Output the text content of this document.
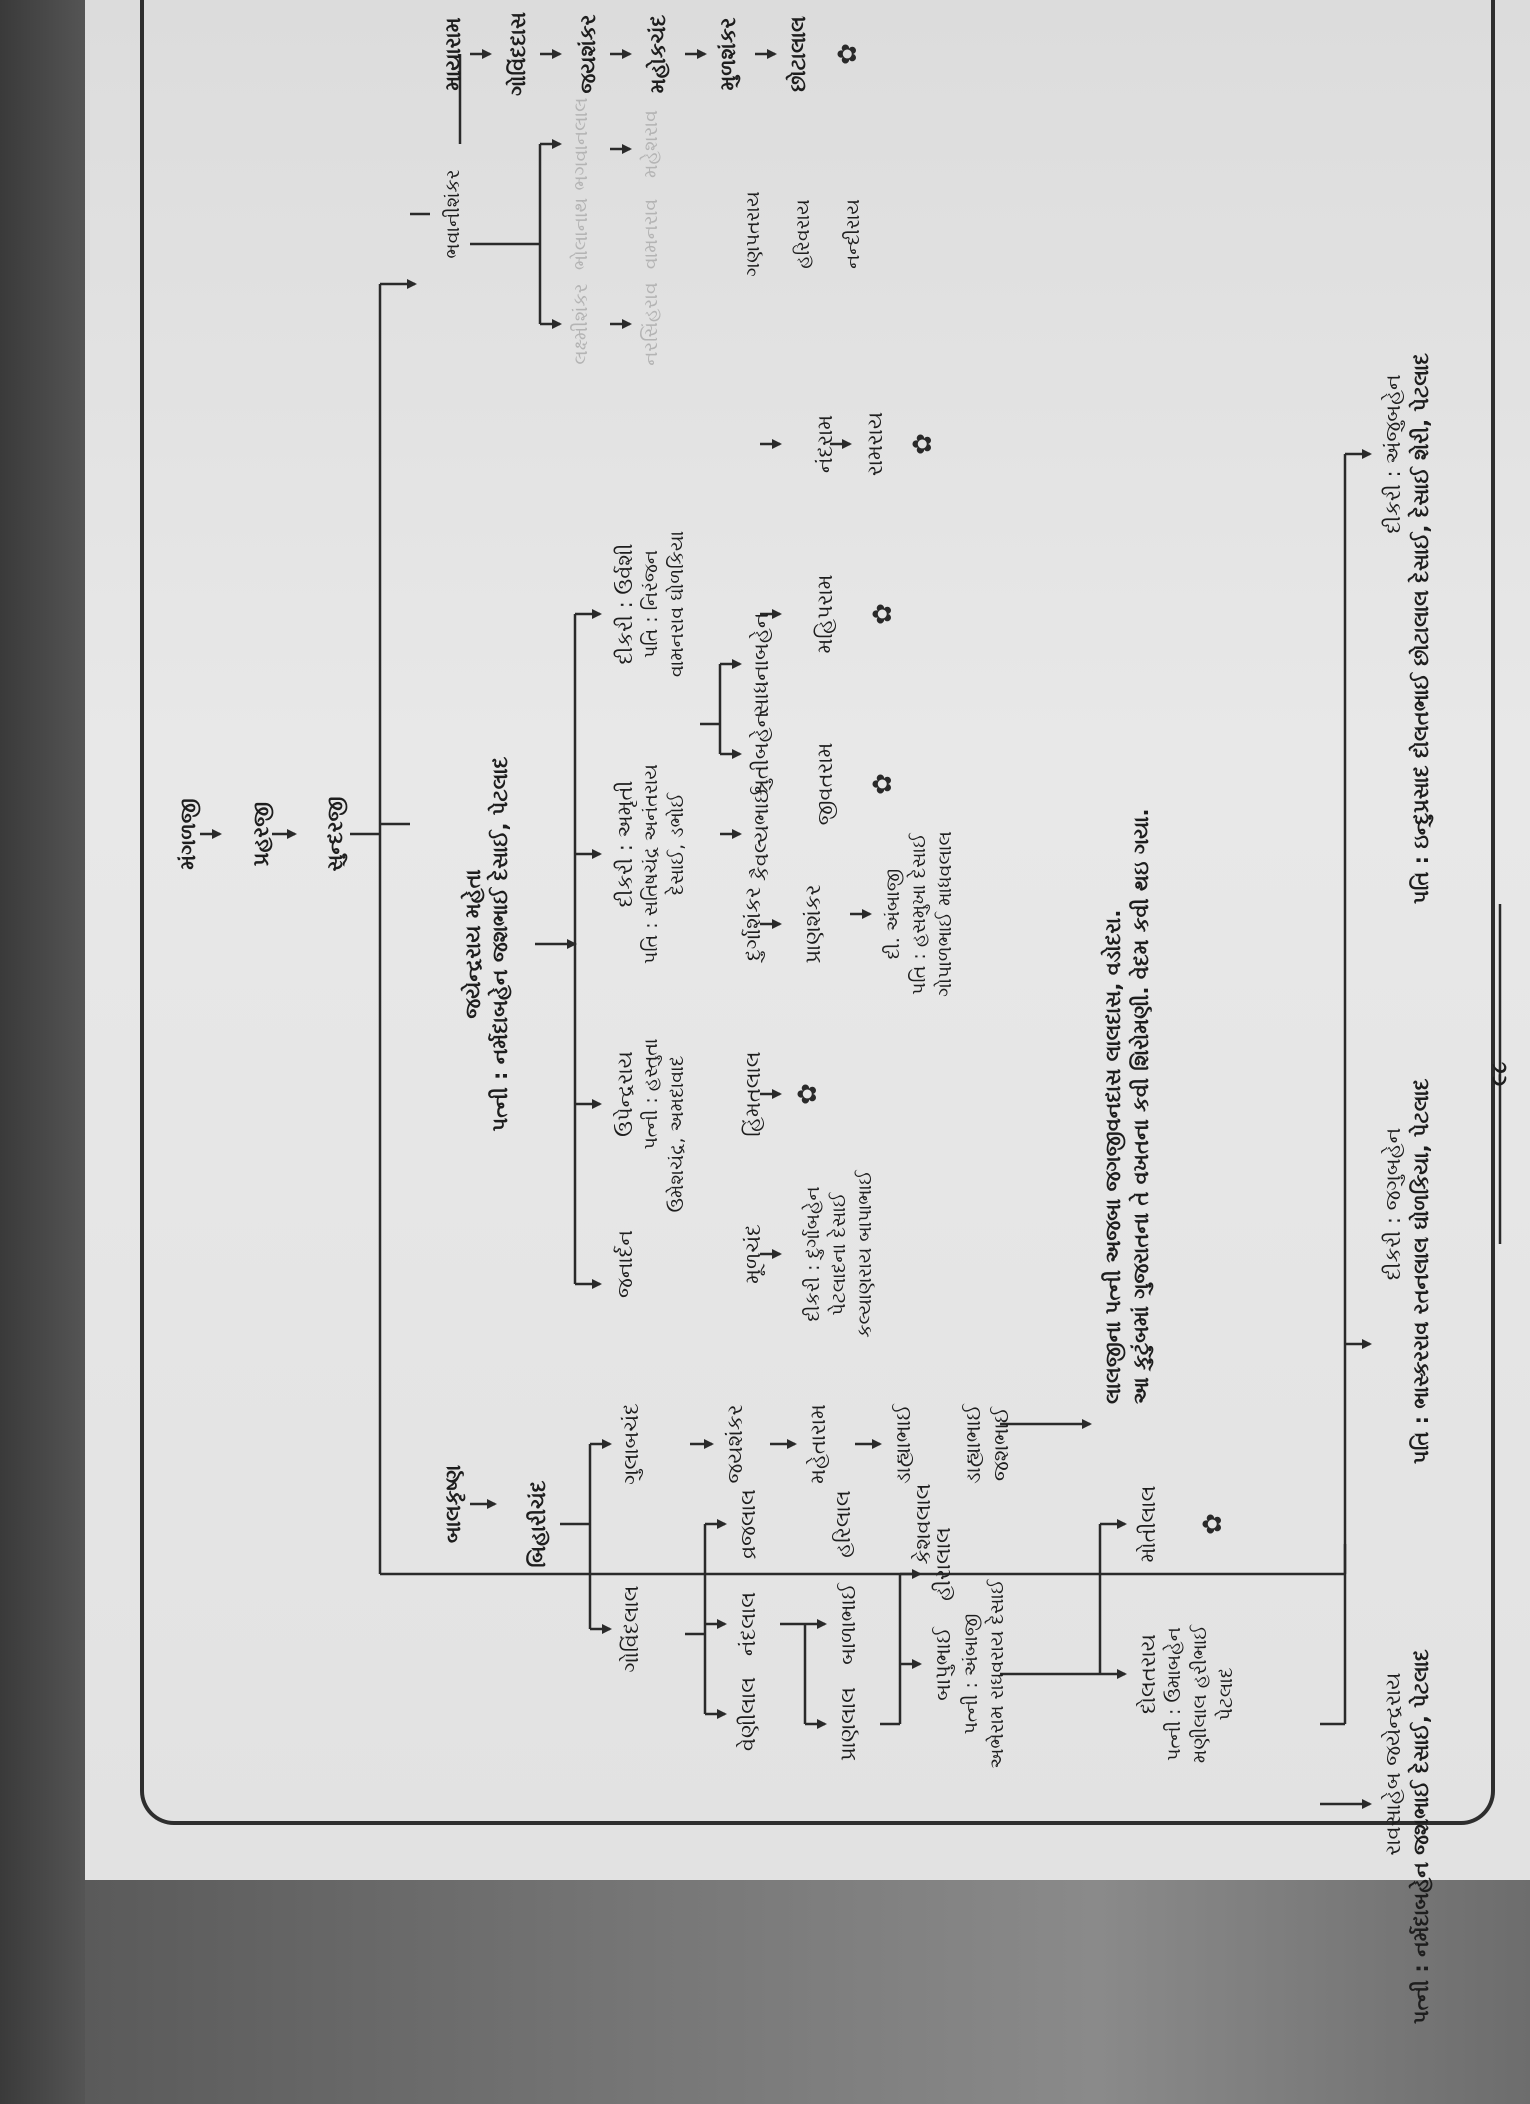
મંગળજી પ્રહરજી સુન્દરજી
જયેન્દ્રરાય મહેતા પત્ની : નર્મદાબહેન જશભાઈ દેસાઈ, પેટલાદ
જનાર્દન
ઉપેન્દ્રરાય પત્ની : હસ્તુતા ઉમેશચંદ્ર, અમદાવાદ
દીકરી : અમૃતી પતિ : સતિષચંદ્ર અનંતરાય દેસાઈ, ડભોઈ
દીકરી : ઉર્વશી પતિ : નિરંજન વામનરાવ ઘોળકિયા
કૈવલ્યભાઈ
શ્રુતીબહેન
સાધનાબહેન
બાલકૃષ્ણ	બિહારીચંદ
ગોવિંદલાલ
ગુલાબચંદ	જયશંકર	મહેતારામ	ડાહ્યાભાઈ ડાહ્યાભાઈ જશભાઈ
વેણીલાલ
નંદલાલ
વ્રજલાલ	હરિલાલ	કેશવલાલ
પ્રાણલાલ
બાળાભાઈ	બાપુભાઈ
હીરાલાલ
પત્ની : અંબાજી અભેરામ રાઘવરાય દેસાઈ	દોલતરાય પત્ની : ઉમાબહેન મણીલાલ હરીભાઈ પેટલાદ
મોતીલાલ ✿
લાલજીના પત્ની અજબા જગજીવનદાસ લાલદાસ, વડોદરા. આ કુટુંબમાં ગુજરાતના તે વખતના કવી શિરોમણી. વેદમ કવી થઇ ગયા.
મૂળચંદ દીકરી : દુર્ગાબહેન પેટલાદના દેસાઈ કલ્યાણરાય બાપાભાઈ
હિંમતલાલ ✿
દુર્ગાશંકર પ્રાણશંકર	દી. અંબાજી પતિ : હસમુખા દેસાઈ ગોપાળભાઈ માધવલાલ
જીવતરામ ✿
મહિપરામ ✿
નંદરામ રામરાય ✿
ભવાનીશંકર
લક્ષ્મીશંકર
ભોલાનાથ
ભગવાનલાલ
નરસિંહરાવ
વામનરાવ
મહેશરાવ
ગણપતરાય હરિવરાય નન્દીરાય
માયારામ ગોવિંદદાસ જયશંકર મહોકચંદ મુળશંકર છોટાલાલ ✿
રાવસાહેબ જયેન્દ્રરાય પત્ની : નર્મદાબહેન જશભાઈ દેસાઈ, પેટલાદ
દીકરી : જગુબહેન પતિ : ભાસ્કરરાવ રતનલાલ ઘોળકિયા, પેટલાદ
દીકરી : અંજુબહેન પતિ : ઇન્દુપ્રસાદ દોલતભાઈ છોટાલાલ દેસાઈ, દેસાઈ શેરી, પેટલાદ
૯૮
